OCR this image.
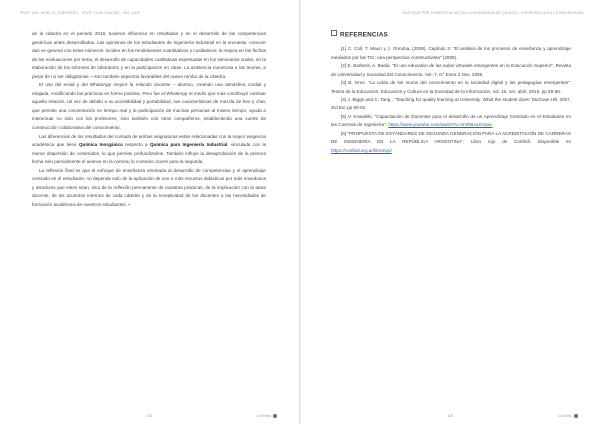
PROF. ING. ARIEL E. GUERRERO - PROF. LUIS CHACON - ING. LUIS

de la cátedra en el periodo 2018, tuvieron influencia en resultados y en el desarrollo de las competencias genéricas antes desarrolladas. Las opiniones de los estudiantes de Ingeniería Industrial en la encuesta -conocer dan en general con estos números- inciden en los rendimientos cuantitativos y cualitativos; la mejora en las fechas de las evaluaciones por tema, el desarrollo de capacidades cualitativas expresadas en los seminarios orales, en la elaboración de los informes de laboratorio y en la participación en clase. La asistencia numerosa a las teorías, a pesar de no ser obligatorias —son también aspectos favorables del nuevo rumbo de la cátedra.

El uso del email y del WhatsApp mejoró la relación docente – alumno, creando una atmósfera cordial y relajada, modificando las prácticas en forma positiva. Pero fue el WhatsApp el medio que más contribuyó cambiar aquella relación, tal vez de debido a su accesibilidad y portabilidad, sus características de mezcla de foro y chat, que permite una conversación en tiempo real y la participación de muchas personas al mismo tiempo, ayuda a interactuar no solo con los profesores, sino también con otros compañeros, estableciendo una suerte de construcción colaborativa del conocimiento.

Las diferencias de los resultados del cursado de ambas asignaturas están relacionadas con la mayor exigencia académica que tiene Química Inorgánica respecto a Química para Ingeniería Industrial, vinculada con la menor dispersión de contenidos, lo que permite profundizarlos. También influye la desaprobación de la primera fecha solo parcialmente el avance en la carrera; lo contrario ocurre para la segunda.

La reflexión final es que el enfoque de enseñanza orientada al desarrollo de competencias y el aprendizaje centrado en el estudiante, no depende solo de la aplicación de uno o más recursos didácticos por más novedosos y atractivos que estos sean, sino de la reflexión permanente de nuestras prácticas, de la implicación con la tarea docente, de los acuerdos internos de cada cátedra y de la receptividad de los docentes a las necesidades de formación académica de nuestros estudiantes. •

102	ConTexto
ENFOQUE POR COMPETENCIAS EN LA ENSEÑANZA DE QUÍMICA - EXPERIENCIA EN LA UNIVERSIDAD
REFERENCIAS

[1] C. Coll, T. Mauri y J. Onrubia, (2008). Capítulo 3: "El análisis de los procesos de enseñanza y aprendizaje mediados por las TIC: una perspectiva constructivista" (2008).

[2] E. Barberà, A. Badia. "El uso educativo de las aulas virtuales emergentes en la Educación Superior". Revista de Universidad y Sociedad del Conocimiento. Vol.-7, N° Extra 2 Nov. 2005.

[3] B. Gros. "La caída de los muros del conocimiento en la sociedad digital y las pedagogías emergentes". Textos de la Educación: Educación y Cultura en la Sociedad de la Información, vol. 16, 1er. abril, 2015, pp 58-68.

[4] J. Biggs and C. Tang , "Teaching for quality learning at University. What the student does" McGraw Hill, 2007, 3rd Ed, pp 50-62.

[5] V. Kowalski. "Capacitación de Docentes para el desarrollo de un Aprendizaje Centrado en el Estudiante en las Carreras de Ingeniería". https://www.youtube.com/watch?v=VmRBxuXVpwc

[6] "PROPUESTA DE ESTÁNDARES DE SEGUNDA GENERACIÓN PARA LA ACREDITACIÓN DE CARRERAS DE INGENIERÍA EN LA REPÚBLICA ARGENTINA". Libro rojo de Confedi. Disponible en https://confedi.org.ar/librorojo/

103	ConTexto
